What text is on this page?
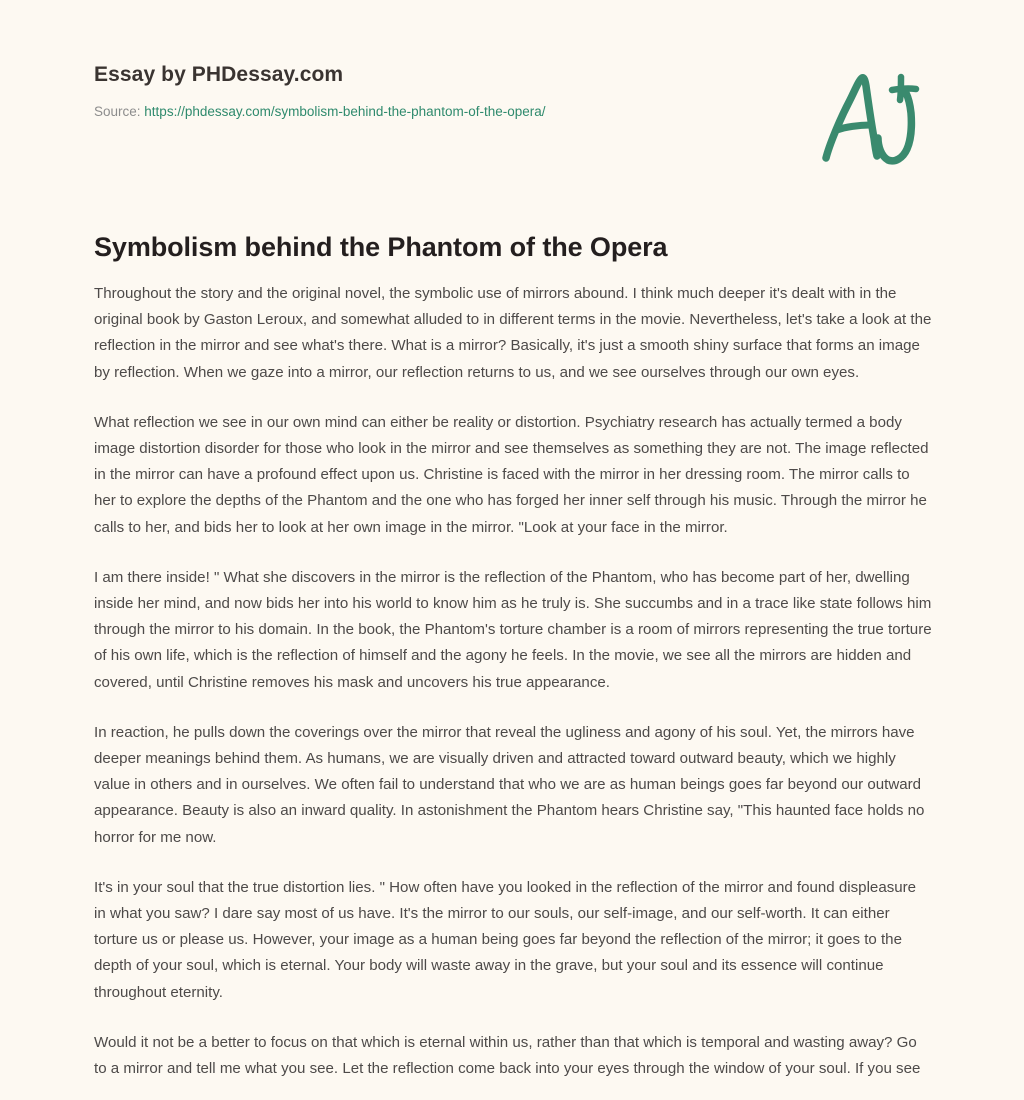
Essay by PHDessay.com
Source: https://phdessay.com/symbolism-behind-the-phantom-of-the-opera/
Symbolism behind the Phantom of the Opera

Throughout the story and the original novel, the symbolic use of mirrors abound. I think much deeper it's dealt with in the original book by Gaston Leroux, and somewhat alluded to in different terms in the movie. Nevertheless, let's take a look at the reflection in the mirror and see what's there. What is a mirror? Basically, it's just a smooth shiny surface that forms an image by reflection. When we gaze into a mirror, our reflection returns to us, and we see ourselves through our own eyes.

What reflection we see in our own mind can either be reality or distortion. Psychiatry research has actually termed a body image distortion disorder for those who look in the mirror and see themselves as something they are not. The image reflected in the mirror can have a profound effect upon us. Christine is faced with the mirror in her dressing room. The mirror calls to her to explore the depths of the Phantom and the one who has forged her inner self through his music. Through the mirror he calls to her, and bids her to look at her own image in the mirror. "Look at your face in the mirror.

I am there inside! " What she discovers in the mirror is the reflection of the Phantom, who has become part of her, dwelling inside her mind, and now bids her into his world to know him as he truly is. She succumbs and in a trace like state follows him through the mirror to his domain. In the book, the Phantom's torture chamber is a room of mirrors representing the true torture of his own life, which is the reflection of himself and the agony he feels. In the movie, we see all the mirrors are hidden and covered, until Christine removes his mask and uncovers his true appearance.

In reaction, he pulls down the coverings over the mirror that reveal the ugliness and agony of his soul. Yet, the mirrors have deeper meanings behind them. As humans, we are visually driven and attracted toward outward beauty, which we highly value in others and in ourselves. We often fail to understand that who we are as human beings goes far beyond our outward appearance. Beauty is also an inward quality. In astonishment the Phantom hears Christine say, "This haunted face holds no horror for me now.

It's in your soul that the true distortion lies. " How often have you looked in the reflection of the mirror and found displeasure in what you saw? I dare say most of us have. It's the mirror to our souls, our self-image, and our self-worth. It can either torture us or please us. However, your image as a human being goes far beyond the reflection of the mirror; it goes to the depth of your soul, which is eternal. Your body will waste away in the grave, but your soul and its essence will continue throughout eternity.

Would it not be a better to focus on that which is eternal within us, rather than that which is temporal and wasting away? Go to a mirror and tell me what you see. Let the reflection come back into your eyes through the window of your soul. If you see
